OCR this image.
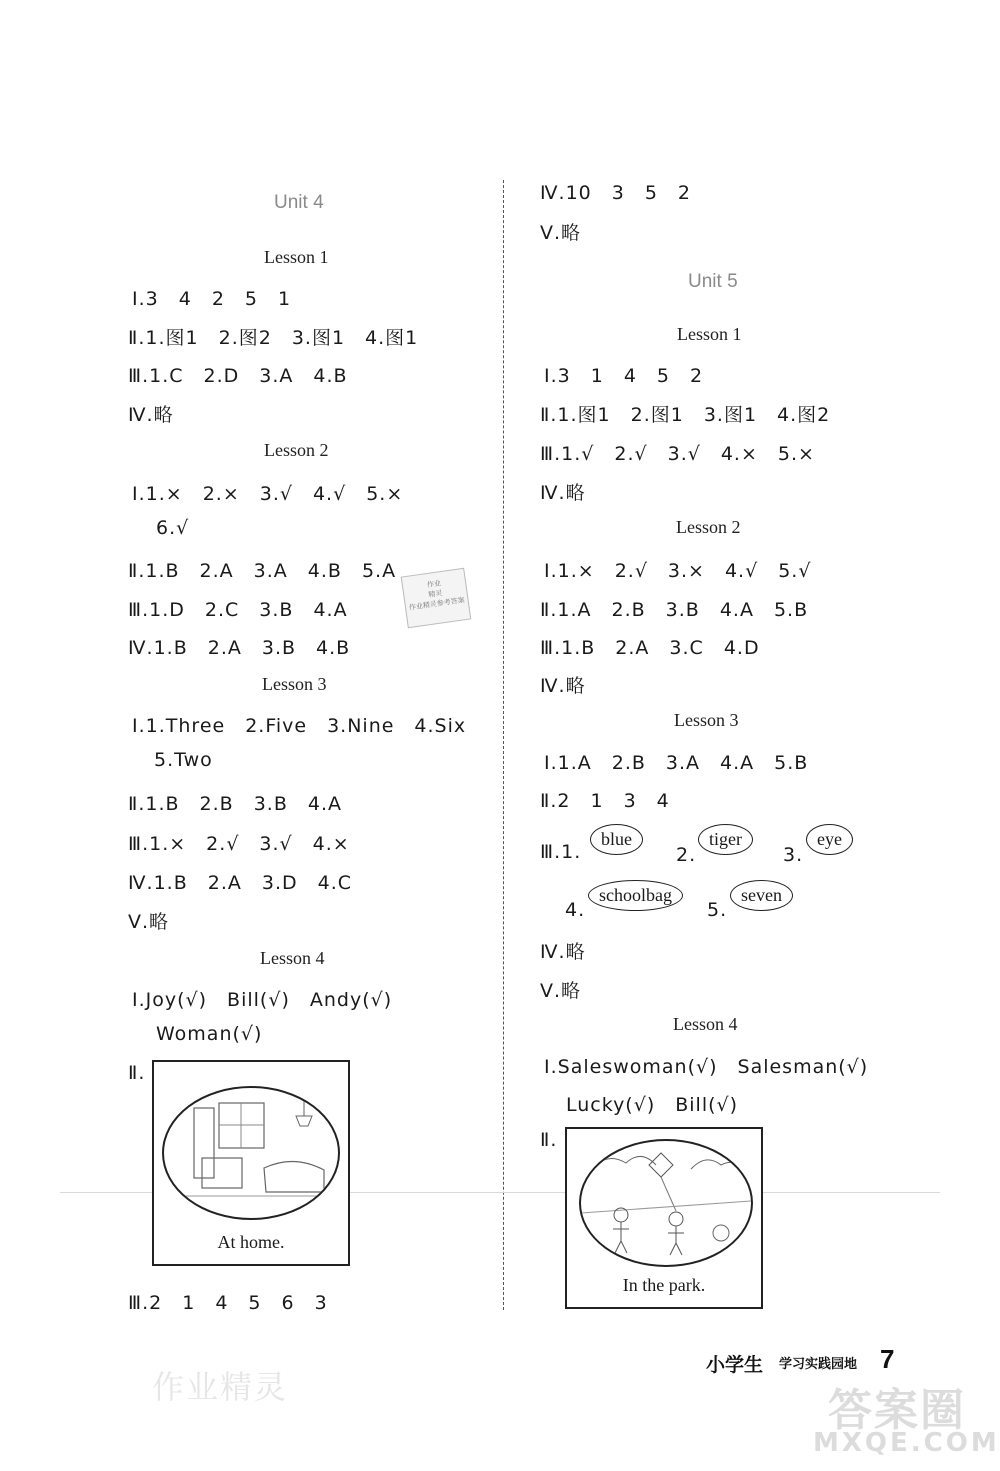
Unit 4
Lesson 1
Ⅰ.3　4　2　5　1
Ⅱ.1.图1　2.图2　3.图1　4.图1
Ⅲ.1.C　2.D　3.A　4.B
Ⅳ.略
Lesson 2
Ⅰ.1.×　2.×　3.√　4.√　5.×
6.√
Ⅱ.1.B　2.A　3.A　4.B　5.A
Ⅲ.1.D　2.C　3.B　4.A
Ⅳ.1.B　2.A　3.B　4.B
作业
精灵
作业精灵参考答案
Lesson 3
Ⅰ.1.Three　2.Five　3.Nine　4.Six
5.Two
Ⅱ.1.B　2.B　3.B　4.A
Ⅲ.1.×　2.√　3.√　4.×
Ⅳ.1.B　2.A　3.D　4.C
Ⅴ.略
Lesson 4
Ⅰ.Joy(√)　Bill(√)　Andy(√)
Woman(√)
Ⅱ.
At home.
Ⅲ.2　1　4　5　6　3
Ⅳ.10　3　5　2
Ⅴ.略
Unit 5
Lesson 1
Ⅰ.3　1　4　5　2
Ⅱ.1.图1　2.图1　3.图1　4.图2
Ⅲ.1.√　2.√　3.√　4.×　5.×
Ⅳ.略
Lesson 2
Ⅰ.1.×　2.√　3.×　4.√　5.√
Ⅱ.1.A　2.B　3.B　4.A　5.B
Ⅲ.1.B　2.A　3.C　4.D
Ⅳ.略
Lesson 3
Ⅰ.1.A　2.B　3.A　4.A　5.B
Ⅱ.2　1　3　4
Ⅲ.1.
blue
2.
tiger
3.
eye
4.
schoolbag
5.
seven
Ⅳ.略
Ⅴ.略
Lesson 4
Ⅰ.Saleswoman(√)　Salesman(√)
Lucky(√)　Bill(√)
Ⅱ.
In the park.
作业精灵
小学生 学习实践园地 7
答案圈
MXQE.COM
